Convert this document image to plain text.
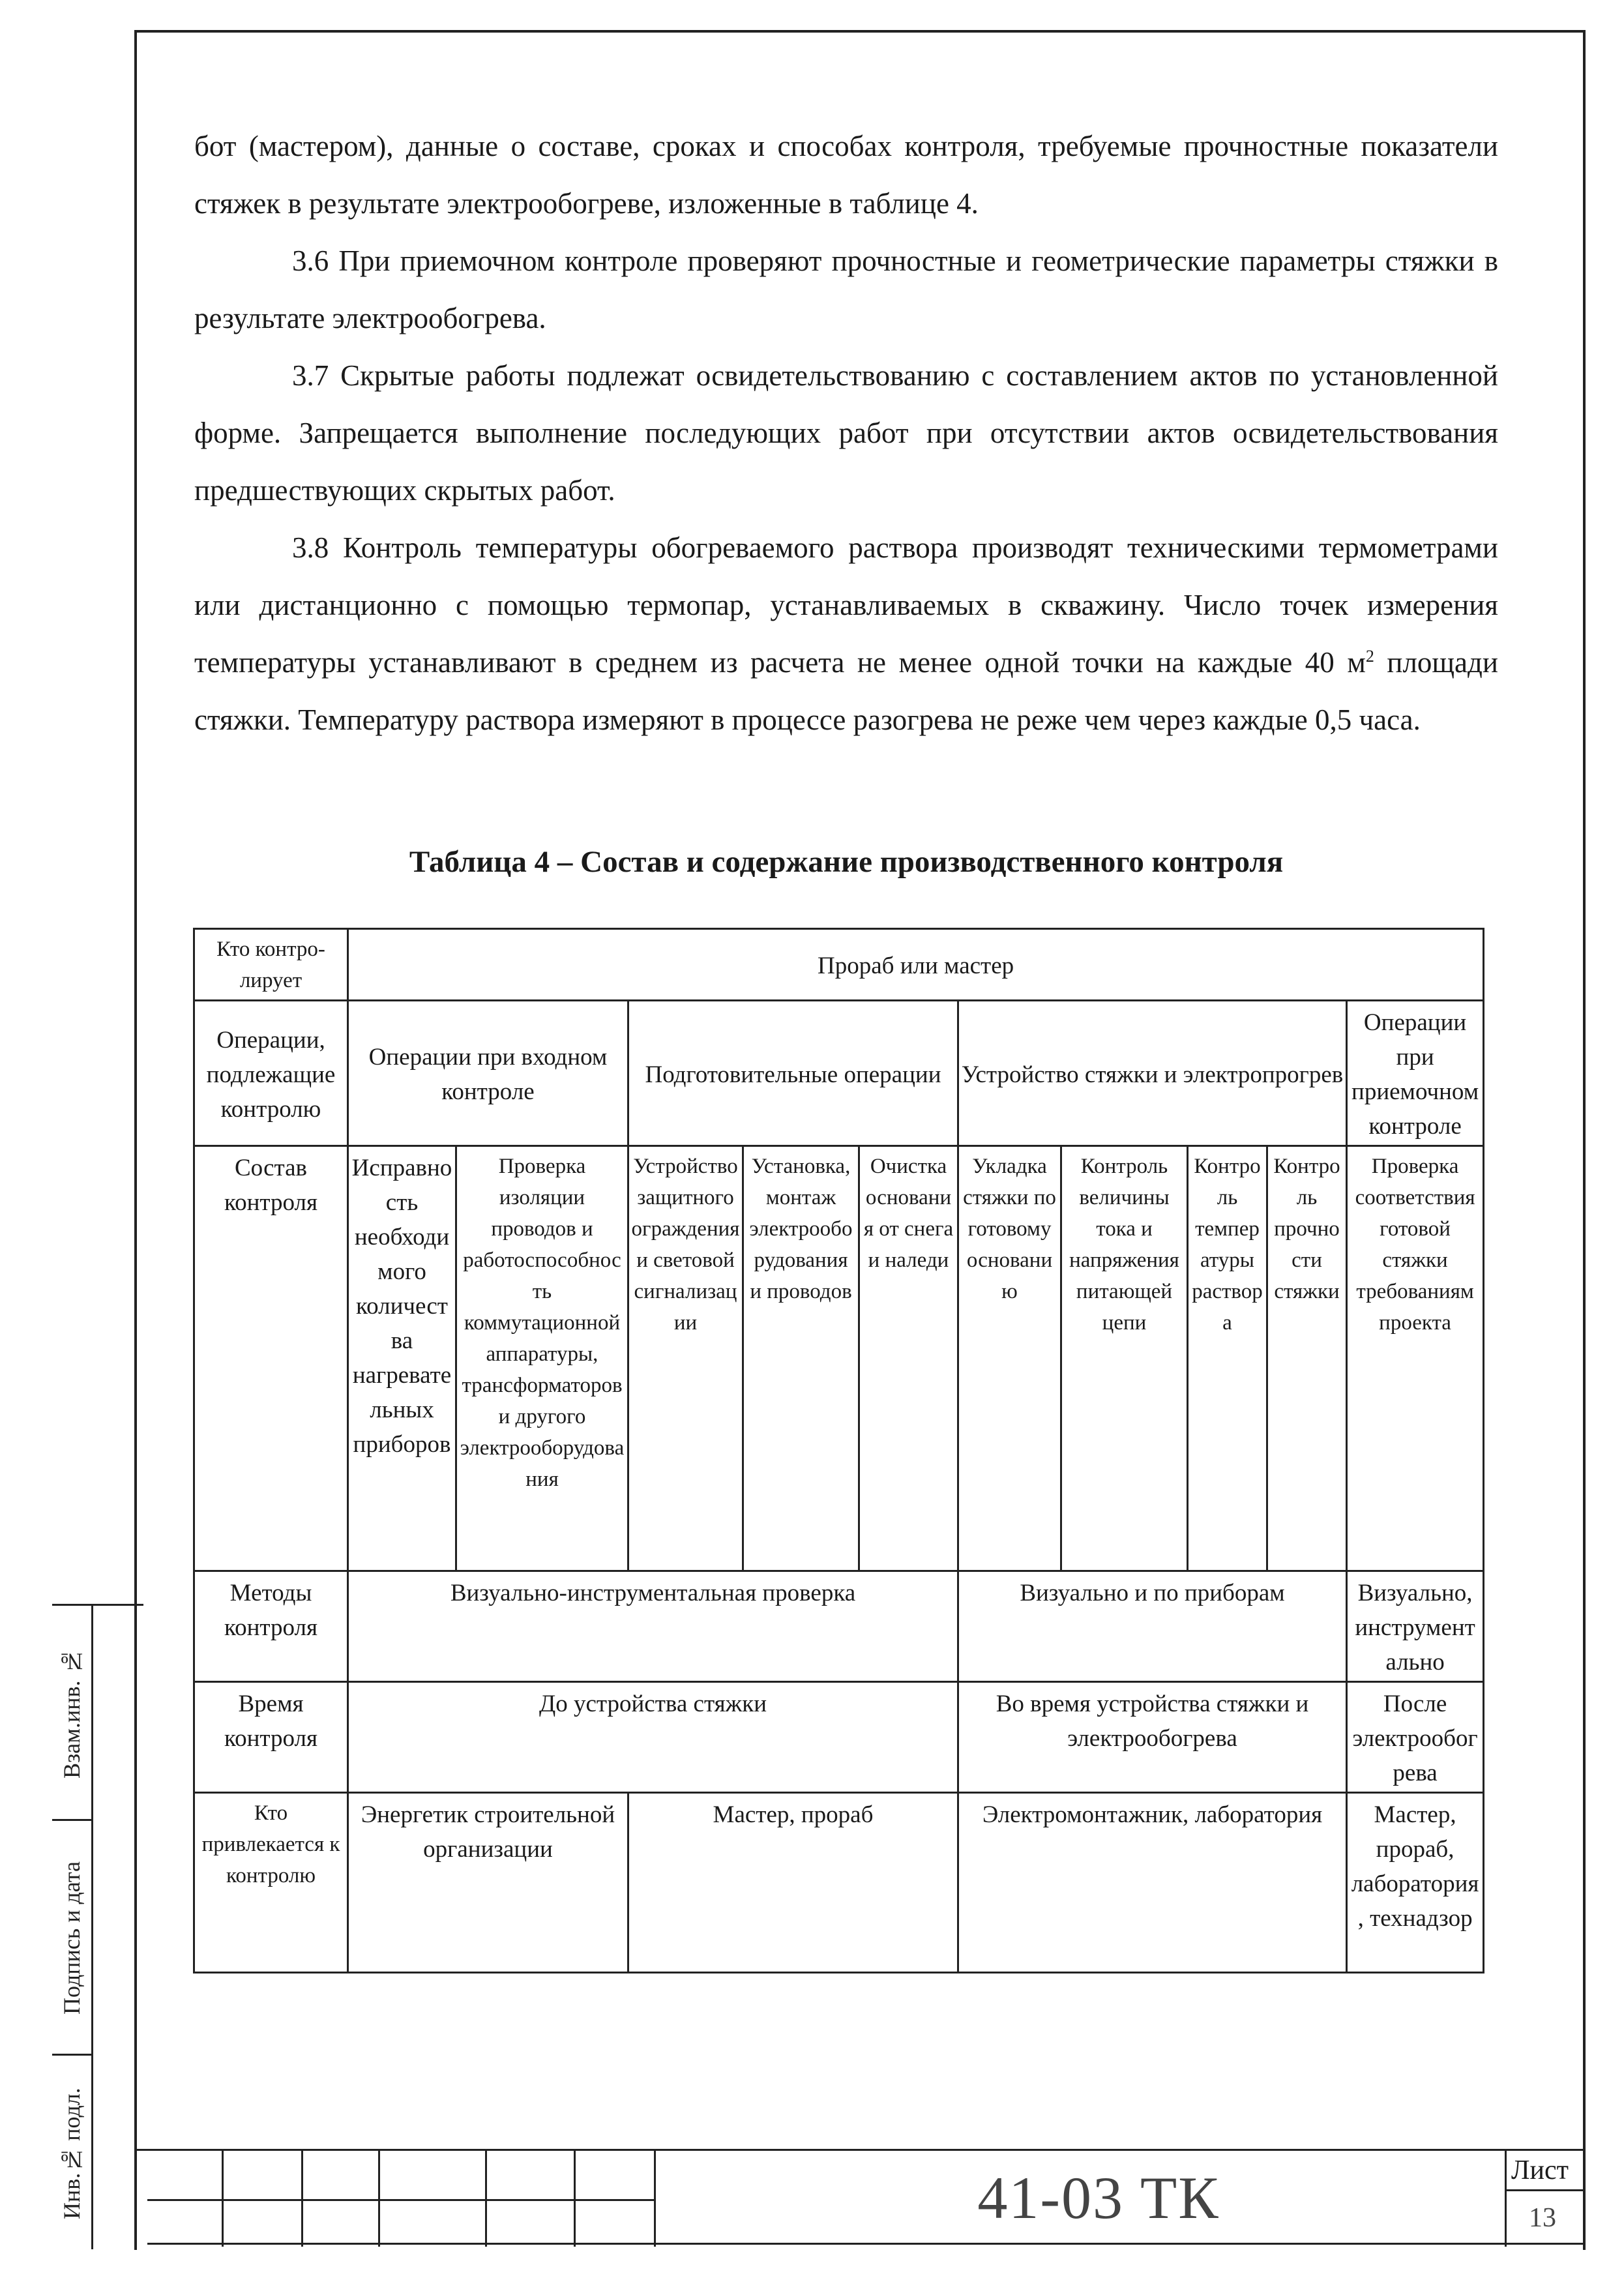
бот (мастером), данные о составе, сроках и способах контроля, требуемые прочностные показатели стяжек в результате электрообогреве, изложенные в таблице 4.

3.6 При приемочном контроле проверяют прочностные и геометрические параметры стяжки в результате электрообогрева.

3.7 Скрытые работы подлежат освидетельствованию с составлением актов по установленной форме. Запрещается выполнение последующих работ при отсутствии актов освидетельствования предшествующих скрытых работ.

3.8 Контроль температуры обогреваемого раствора производят техническими термометрами или дистанционно с помощью термопар, устанавливаемых в скважину. Число точек измерения температуры устанавливают в среднем из расчета не менее одной точки на каждые 40 $м^2$ площади стяжки. Температуру раствора измеряют в процессе разогрева не реже чем через каждые 0,5 часа.

Таблица 4 – Состав и содержание производственного контроля
Кто контро-лирует	Прораб или мастер									
Операции, подлежащие контролю	Операции при входном контроле		Подготовительные операции			Устройство стяжки и электропрогрев				Операции при приемочном контроле
Состав контроля	Исправность необходимого количества нагревательных приборов	Проверка изоляции проводов и работоспособность коммутационной аппаратуры, трансформаторов и другого электрооборудования	Устройство защитного ограждения и световой сигнализации	Установка, монтаж электрооборудования и проводов	Очистка основания от снега и наледи	Укладка стяжки по готовому основанию	Контроль величины тока и напряжения питающей цепи	Контроль температуры раствора	Контроль прочности стяжки	Проверка соответствия готовой стяжки требованиям проекта
Методы контроля	Визуально-инструментальная проверка					Визуально и по приборам				Визуально, инструментально
Время контроля	До устройства стяжки					Во время устройства стяжки и электрообогрева				После электрообогрева
Кто привлекается к контролю	Энергетик строительной организации		Мастер, прораб			Электромонтажник, лаборатория				Мастер, прораб, лаборатория, технадзор
Взам.инв. №
Подпись и дата
Инв.№ подл.	41-03 ТК	Лист
13
